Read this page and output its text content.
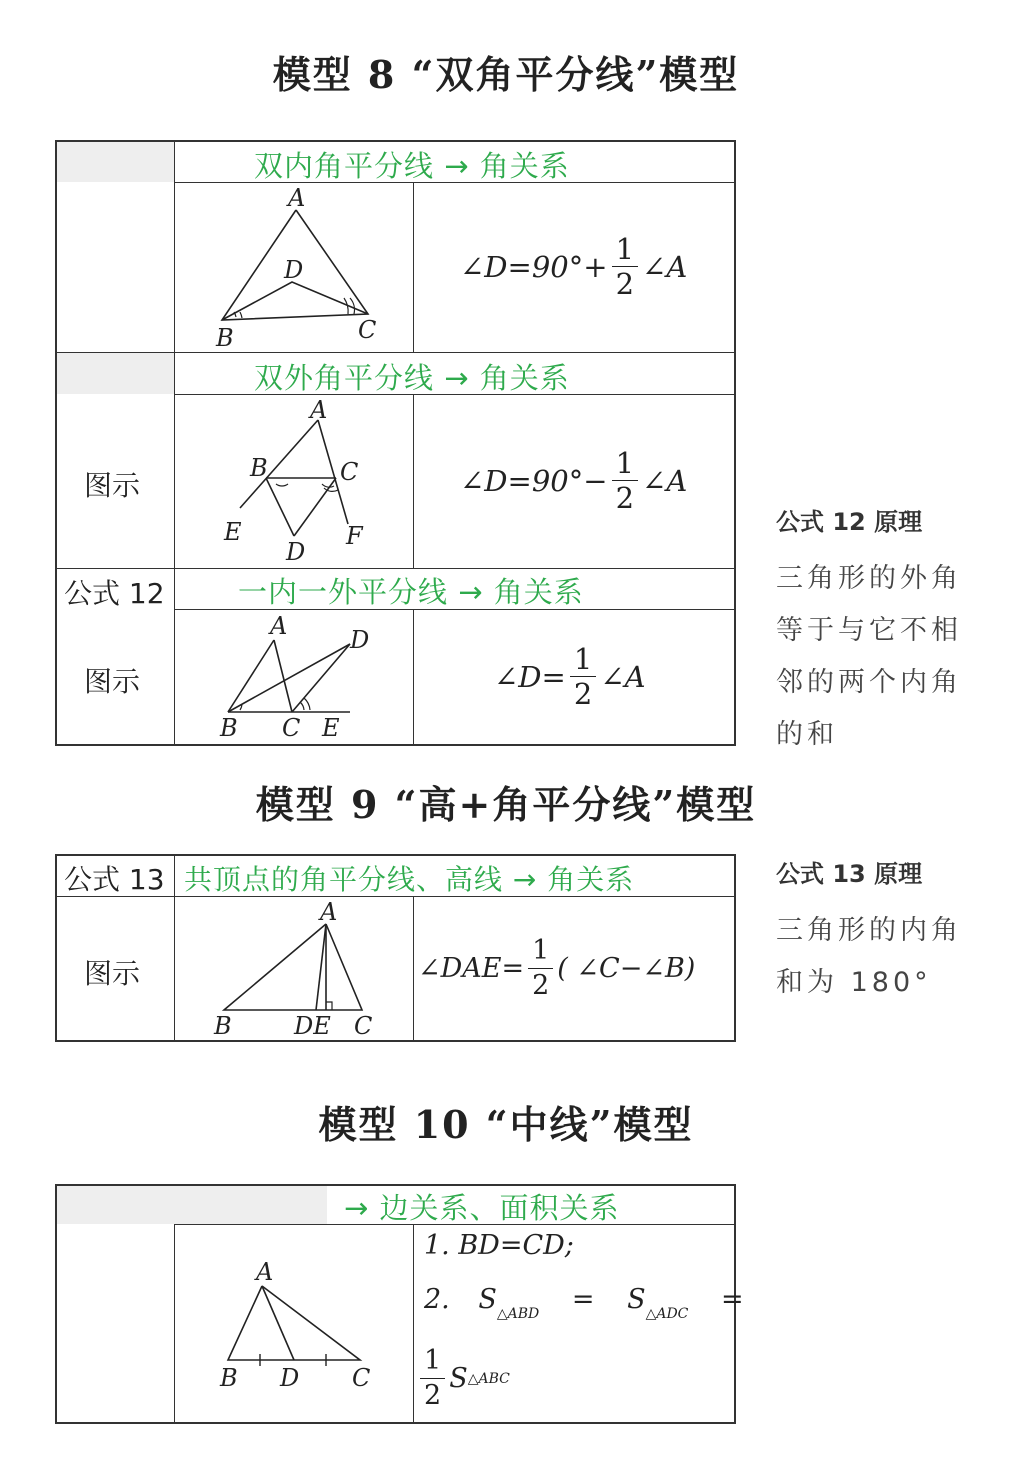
模型 8 “双角平分线”模型
双内角平分线 → 角关系
A
D
B	C
∠D=90°+ $\frac{1}{2}$ ∠A
双外角平分线 → 角关系
图示
A
B	C
E	F
D
∠D=90°− $\frac{1}{2}$ ∠A
公式 12	一内一外平分线 → 角关系
图示
A	D
B C E
∠D= $\frac{1}{2}$ ∠A
公式 12 原理
三角形的外角
等于与它不相
邻的两个内角
的和
模型 9 “高+角平分线”模型
公式 13 共顶点的角平分线、高线 → 角关系
图示
A
B	DE C
∠DAE= $\frac{1}{2}$ ( ∠C−∠B)
公式 13 原理
三角形的内角
和为 180°
模型 10 “中线”模型
→ 边关系、面积关系
A
B D C
1. BD=CD;
2. $S_{\triangle ABD} = S_{\triangle ADC}$ =
$\frac{1}{2}$ S △ABC
